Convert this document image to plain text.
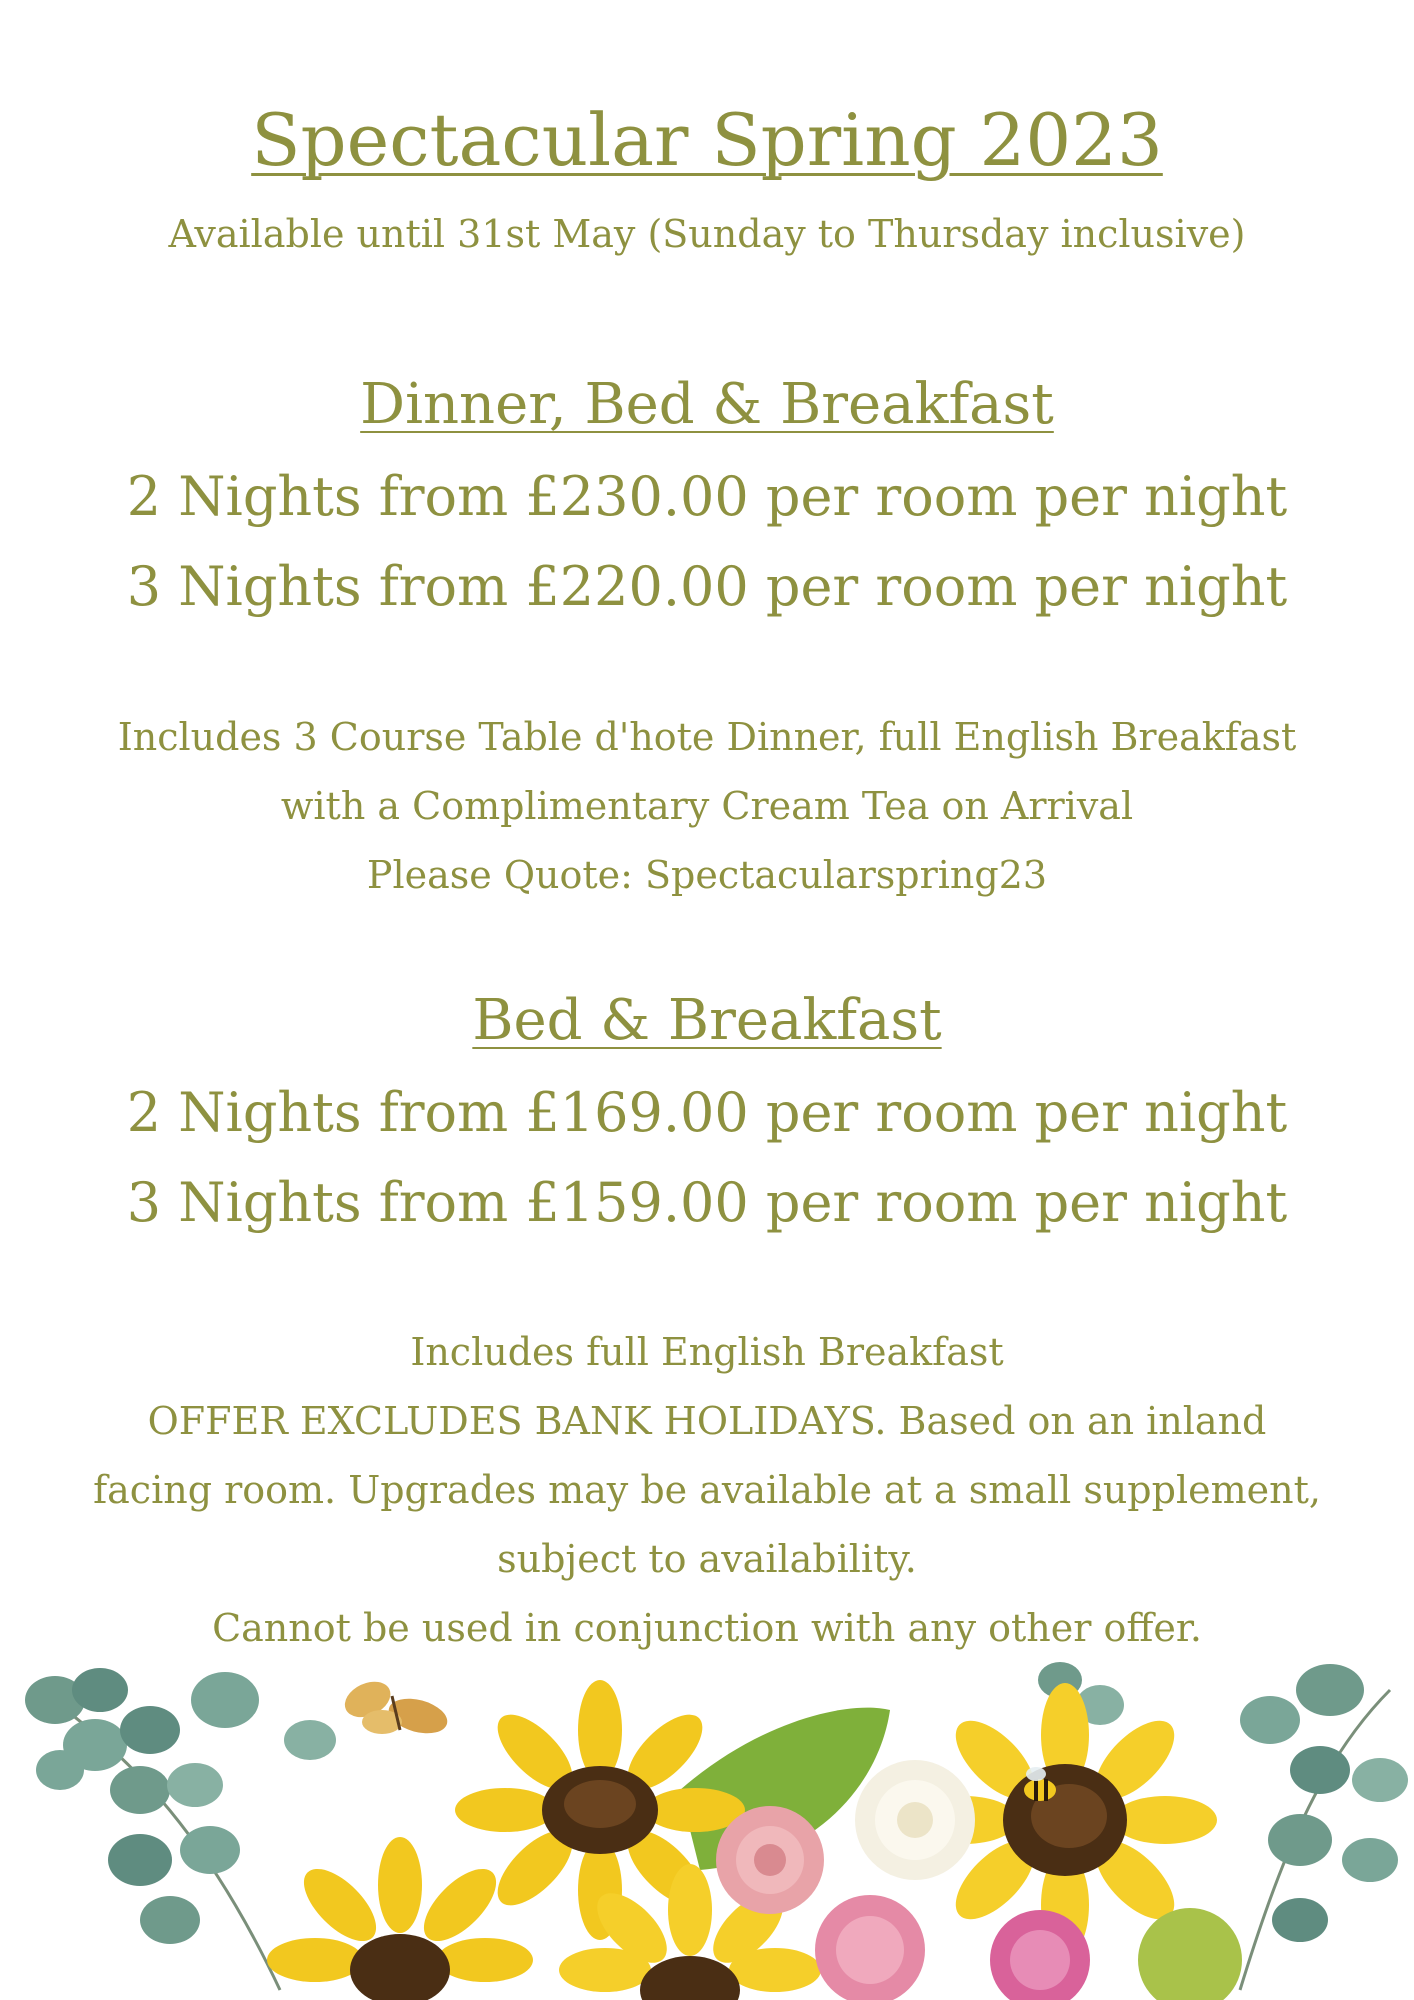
Spectacular Spring 2023
Available until 31st May (Sunday to Thursday inclusive)
Dinner, Bed & Breakfast
2 Nights from £230.00 per room per night
3 Nights from £220.00 per room per night
Includes 3 Course Table d'hote Dinner, full English Breakfast
with a Complimentary Cream Tea on Arrival
Please Quote: Spectacularspring23
Bed & Breakfast
2 Nights from £169.00 per room per night
3 Nights from £159.00 per room per night
Includes full English Breakfast
OFFER EXCLUDES BANK HOLIDAYS. Based on an inland
facing room. Upgrades may be available at a small supplement,
subject to availability.
Cannot be used in conjunction with any other offer.
